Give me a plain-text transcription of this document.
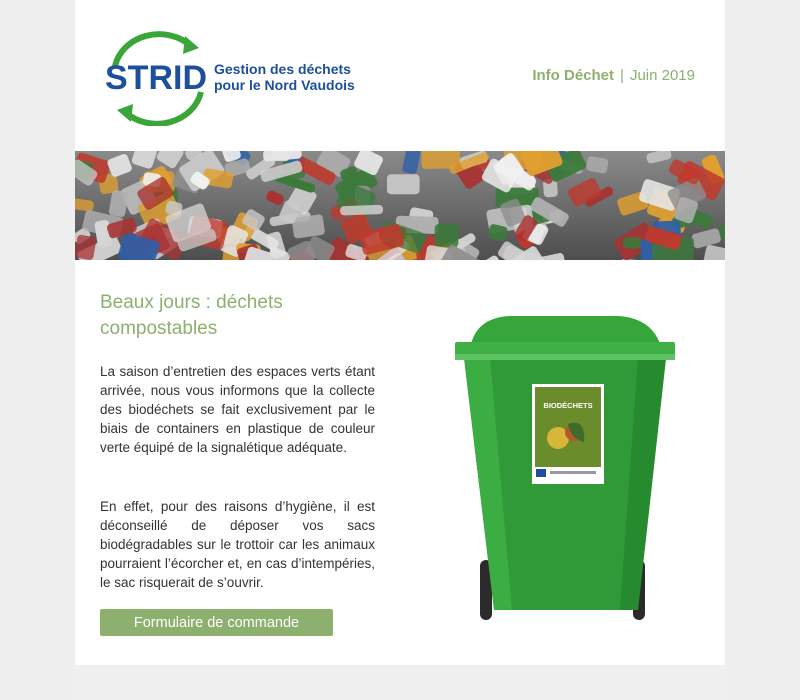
STRID Gestion des déchets
pour le Nord Vaudois
Info Déchet | Juin 2019
Beaux jours : déchets compostables

La saison d’entretien des espaces verts étant arrivée, nous vous informons que la collecte des biodéchets se fait exclusivement par le biais de containers en plastique de couleur verte équipé de la signalétique adéquate.

En effet, pour des raisons d’hygiène, il est déconseillé de déposer vos sacs biodégradables sur le trottoir car les animaux pourraient l’écorcher et, en cas d’intempéries, le sac risquerait de s’ouvrir.

Formulaire de commande
BIODÉCHETS
